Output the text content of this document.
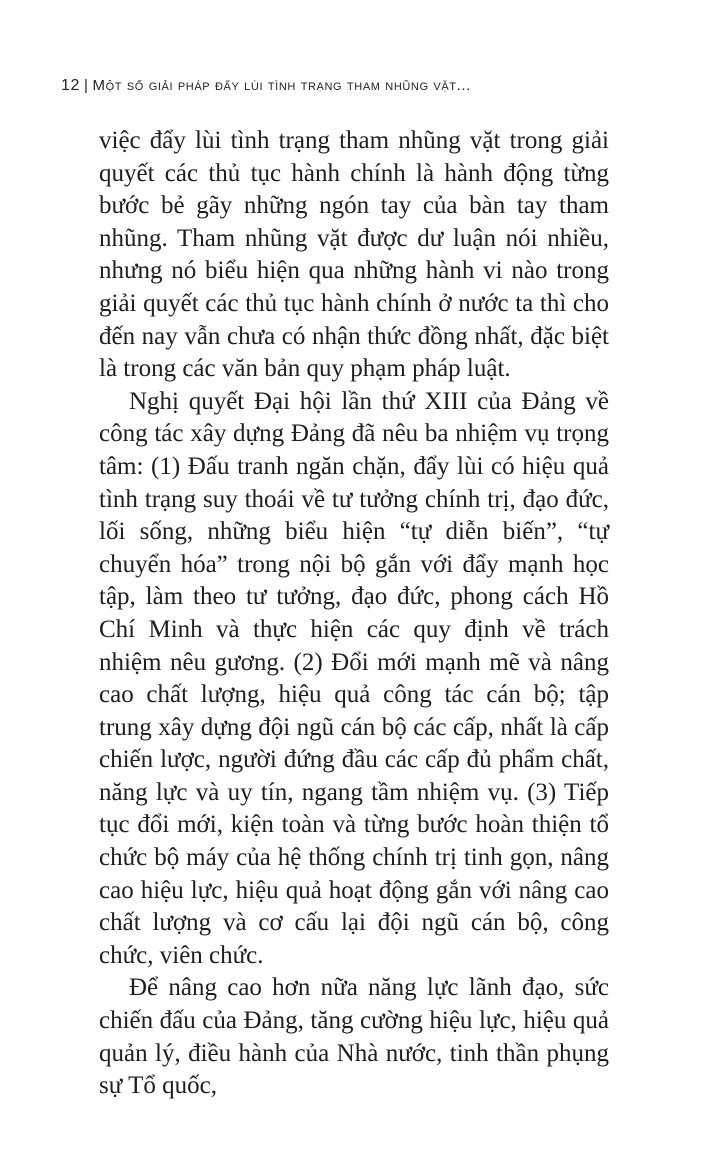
12 | Một số giải pháp đẩy lùi tình trạng tham nhũng vặt...

việc đẩy lùi tình trạng tham nhũng vặt trong giải quyết các thủ tục hành chính là hành động từng bước bẻ gãy những ngón tay của bàn tay tham nhũng. Tham nhũng vặt được dư luận nói nhiều, nhưng nó biểu hiện qua những hành vi nào trong giải quyết các thủ tục hành chính ở nước ta thì cho đến nay vẫn chưa có nhận thức đồng nhất, đặc biệt là trong các văn bản quy phạm pháp luật.

Nghị quyết Đại hội lần thứ XIII của Đảng về công tác xây dựng Đảng đã nêu ba nhiệm vụ trọng tâm: (1) Đấu tranh ngăn chặn, đẩy lùi có hiệu quả tình trạng suy thoái về tư tưởng chính trị, đạo đức, lối sống, những biểu hiện “tự diễn biến”, “tự chuyển hóa” trong nội bộ gắn với đẩy mạnh học tập, làm theo tư tưởng, đạo đức, phong cách Hồ Chí Minh và thực hiện các quy định về trách nhiệm nêu gương. (2) Đổi mới mạnh mẽ và nâng cao chất lượng, hiệu quả công tác cán bộ; tập trung xây dựng đội ngũ cán bộ các cấp, nhất là cấp chiến lược, người đứng đầu các cấp đủ phẩm chất, năng lực và uy tín, ngang tầm nhiệm vụ. (3) Tiếp tục đổi mới, kiện toàn và từng bước hoàn thiện tổ chức bộ máy của hệ thống chính trị tinh gọn, nâng cao hiệu lực, hiệu quả hoạt động gắn với nâng cao chất lượng và cơ cấu lại đội ngũ cán bộ, công chức, viên chức.

Để nâng cao hơn nữa năng lực lãnh đạo, sức chiến đấu của Đảng, tăng cường hiệu lực, hiệu quả quản lý, điều hành của Nhà nước, tinh thần phụng sự Tổ quốc,
